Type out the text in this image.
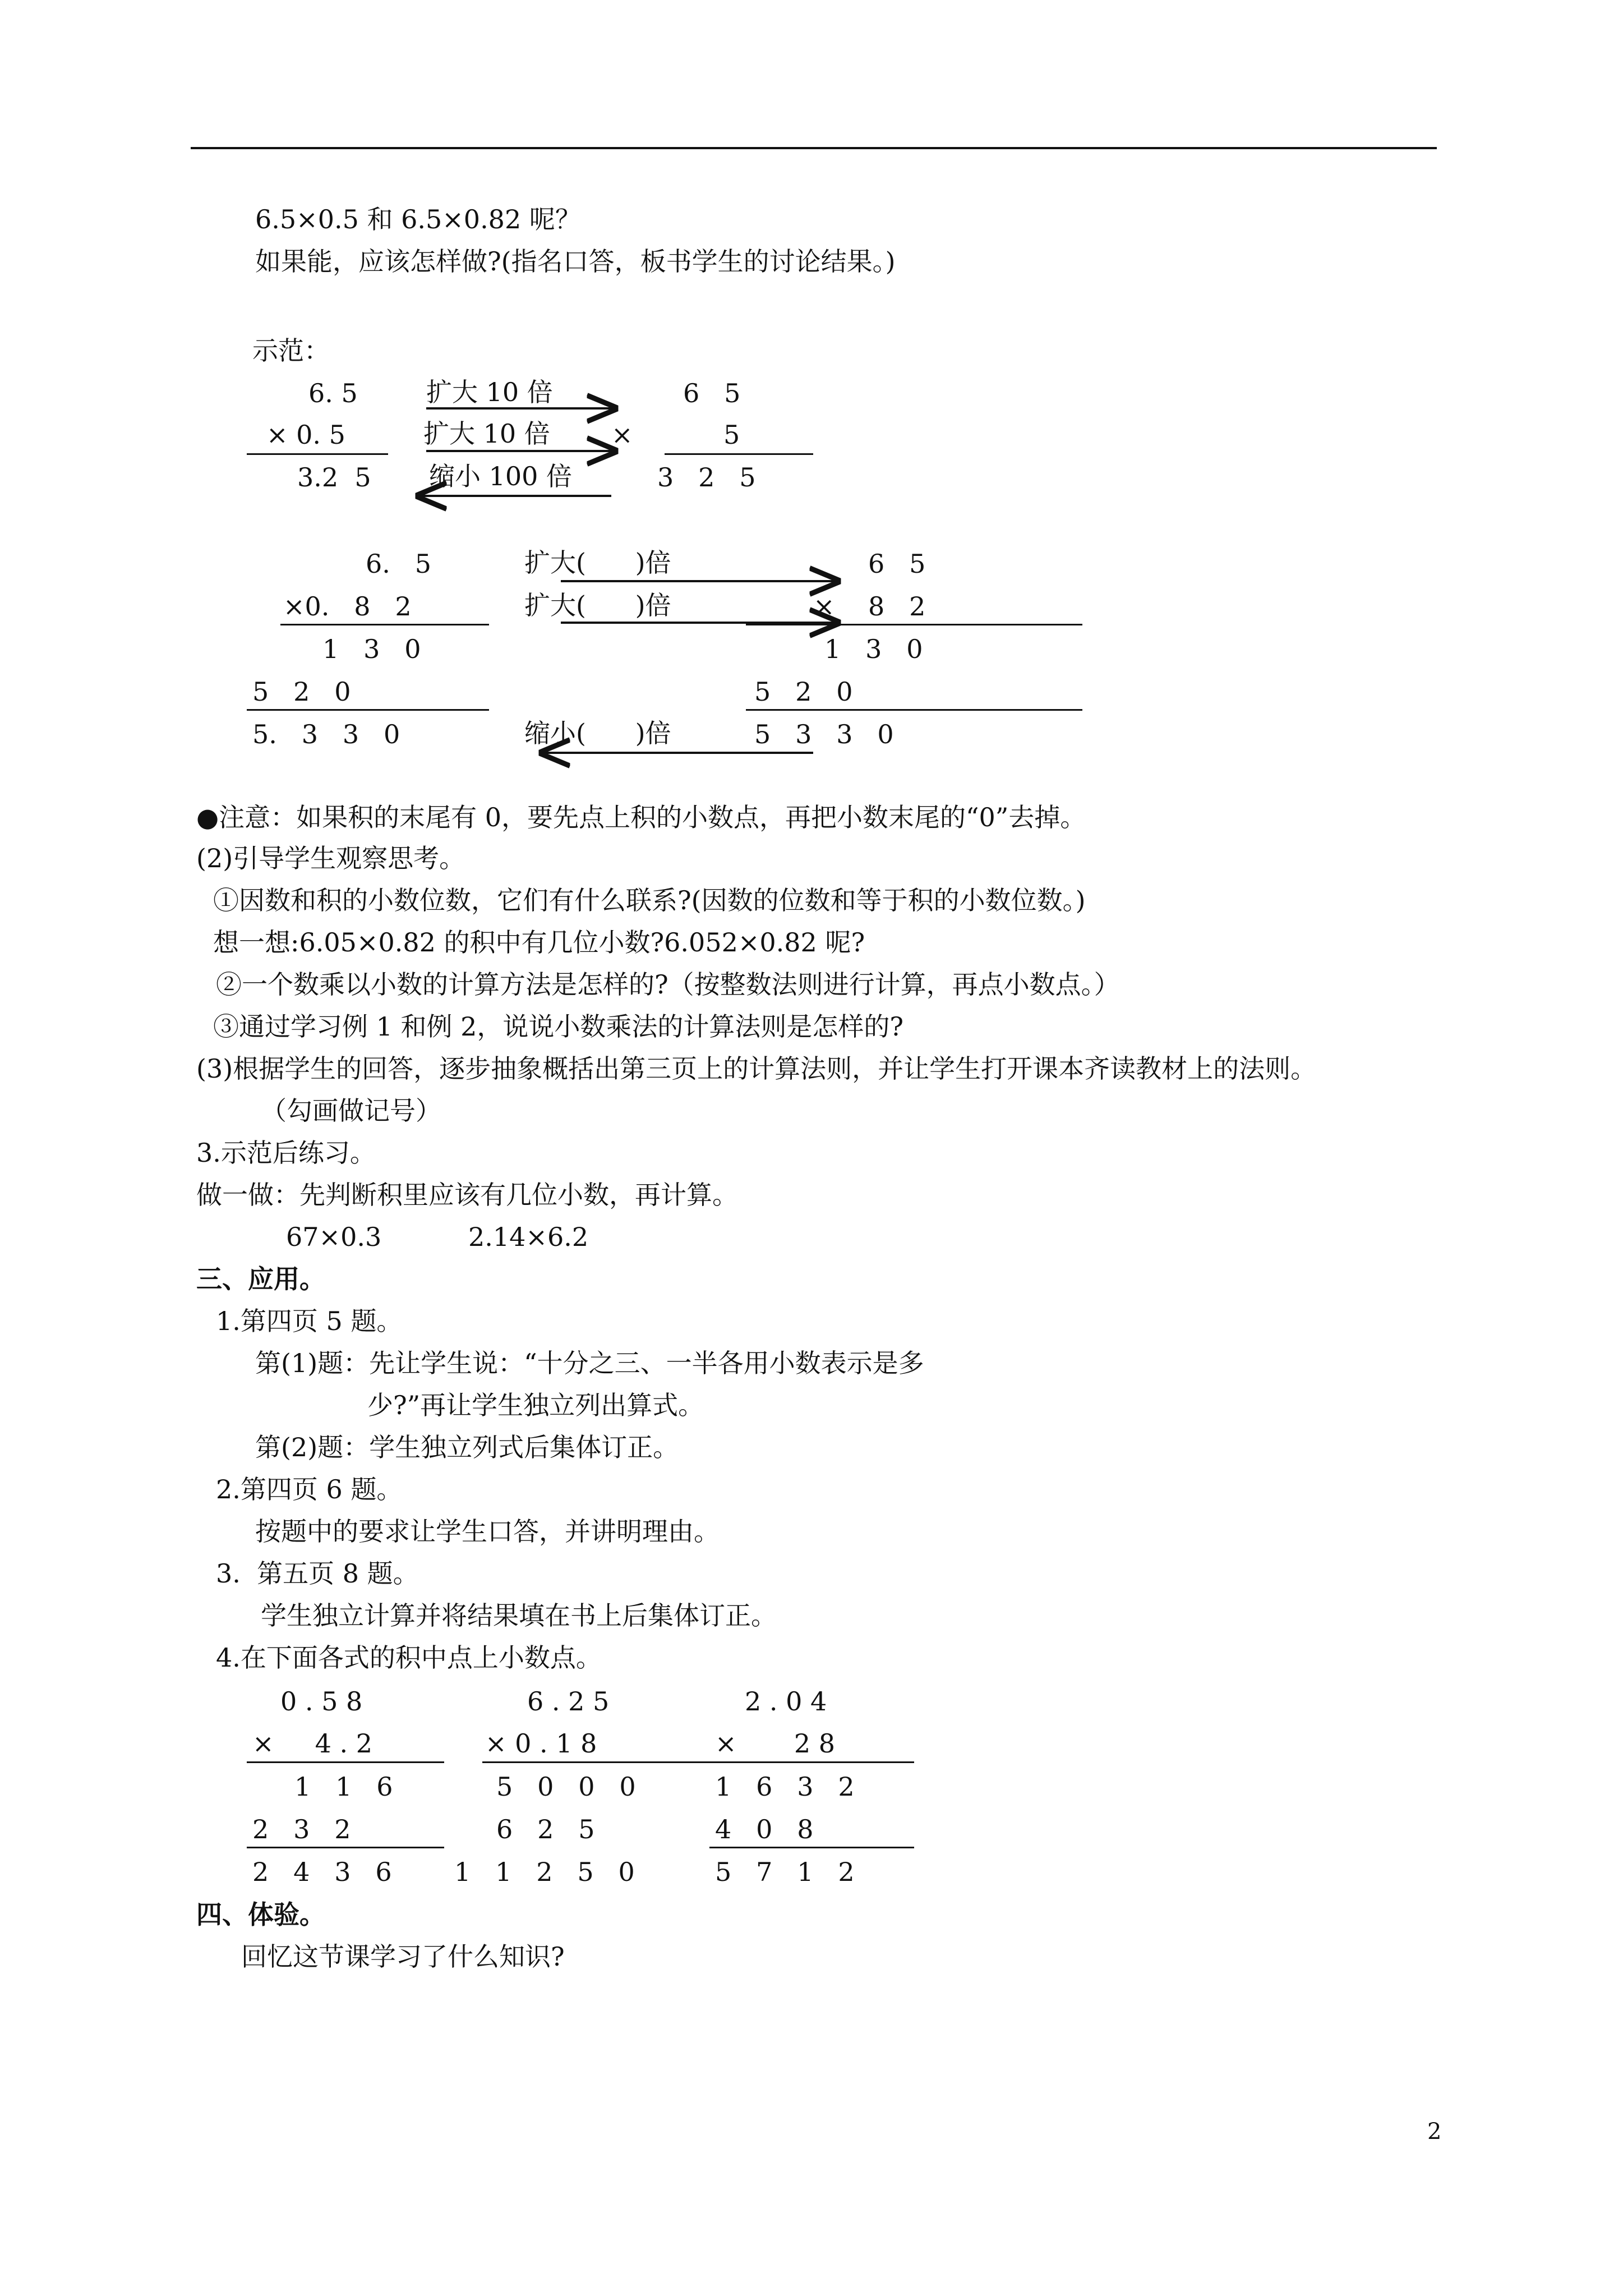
6.5×0.5 和 6.5×0.82 呢？
如果能，应该怎样做?(指名口答，板书学生的讨论结果。)
示范：
6. 5
× 0. 5
3.2  5
扩大 10 倍
扩大 10 倍
缩小 100 倍
×
6   5
5
3   2   5
6.   5
×0.   8   2
1   3   0
5   2   0
5.   3   3   0
扩大(      )倍
扩大(      )倍
缩小(      )倍
×
6   5
8   2
1   3   0
5   2   0
5   3   3   0
●注意：如果积的末尾有 0，要先点上积的小数点，再把小数末尾的“0”去掉。
(2)引导学生观察思考。
①因数和积的小数位数，它们有什么联系?(因数的位数和等于积的小数位数。)
想一想:6.05×0.82 的积中有几位小数?6.052×0.82 呢?
②一个数乘以小数的计算方法是怎样的?（按整数法则进行计算，再点小数点。）
③通过学习例 1 和例 2，说说小数乘法的计算法则是怎样的?
(3)根据学生的回答，逐步抽象概括出第三页上的计算法则，并让学生打开课本齐读教材上的法则。
（勾画做记号）
3.示范后练习。
做一做：先判断积里应该有几位小数，再计算。
67×0.3	2.14×6.2
三、应用。
1.第四页 5 题。
第(1)题：先让学生说：“十分之三、一半各用小数表示是多
少?”再让学生独立列出算式。
第(2)题：学生独立列式后集体订正。
2.第四页 6 题。
按题中的要求让学生口答，并讲明理由。
3.  第五页 8 题。
学生独立计算并将结果填在书上后集体订正。
4.在下面各式的积中点上小数点。
0 . 5 8
×     4 . 2
1   1   6
2   3   2
2   4   3   6
6 . 2 5
× 0 . 1 8
5   0   0   0
6   2   5
1   1   2   5   0
2 . 0 4
×       2 8
1   6   3   2
4   0   8
5   7   1   2
四、体验。
回忆这节课学习了什么知识?
2
